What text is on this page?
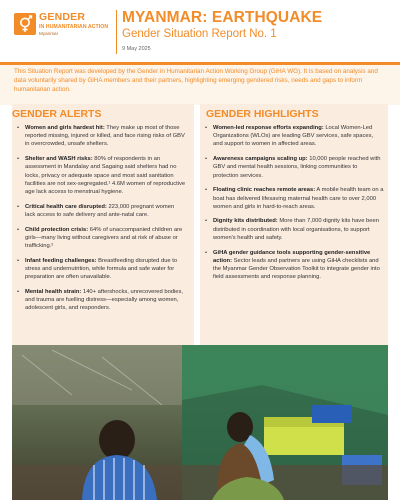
GENDER
IN HUMANITARIAN ACTION
Myanmar
MYANMAR: EARTHQUAKE
Gender Situation Report No. 1
9 May 2025
This Situation Report was developed by the Gender in Humanitarian Action Working Group (GiHA WG). It is based on analysis and data voluntarily shared by GiHA members and their partners, highlighting emerging gendered risks, needs and gaps to inform humanitarian action.
GENDER ALERTS	GENDER HIGHLIGHTS
• Women and girls hardest hit: They make up most of those reported missing, injured or killed, and face rising risks of GBV in overcrowded, unsafe shelters.
• Shelter and WASH risks: 80% of respondents in an assessment in Mandalay and Sagaing said shelters had no locks, privacy or adequate space and most said sanitation facilities are not sex-segregated.¹ 4.6M women of reproductive age lack access to menstrual hygiene.
• Critical health care disrupted: 223,000 pregnant women lack access to safe delivery and ante-natal care.
• Child protection crisis: 64% of unaccompanied children are girls—many living without caregivers and at risk of abuse or trafficking.²
• Infant feeding challenges: Breastfeeding disrupted due to stress and undernutrition, while formula and safe water for preparation are often unavailable.
• Mental health strain: 140+ aftershocks, unrecovered bodies, and trauma are fuelling distress—especially among women, adolescent girls, and responders.
• Women-led response efforts expanding: Local Women-Led Organizations (WLOs) are leading GBV services, safe spaces, and support to women in affected areas.
• Awareness campaigns scaling up: 10,000 people reached with GBV and mental health sessions, linking communities to protection services.
• Floating clinic reaches remote areas: A mobile health team on a boat has delivered lifesaving maternal health care to over 2,000 women and girls in hard-to-reach areas.
• Dignity kits distributed: More than 7,000 dignity kits have been distributed in coordination with local organisations, to support women's health and safety.
• GiHA gender guidance tools supporting gender-sensitive action: Sector leads and partners are using GiHA checklists and the Myanmar Gender Observation Toolkit to integrate gender into field assessments and response planning.
